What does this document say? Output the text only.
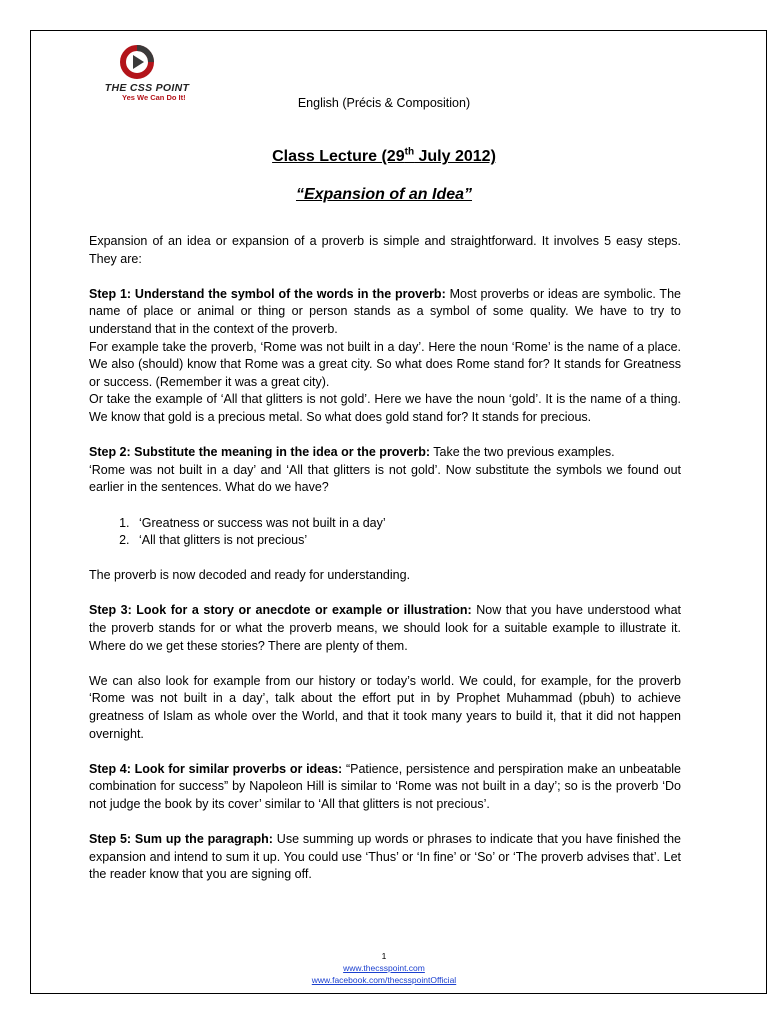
THE CSS POINT
Yes We Can Do It!	English (Précis & Composition)
Class Lecture (29th July 2012)
“Expansion of an Idea”

Expansion of an idea or expansion of a proverb is simple and straightforward. It involves 5 easy steps. They are:

Step 1: Understand the symbol of the words in the proverb: Most proverbs or ideas are symbolic. The name of place or animal or thing or person stands as a symbol of some quality. We have to try to understand that in the context of the proverb.

For example take the proverb, ‘Rome was not built in a day’. Here the noun ‘Rome’ is the name of a place. We also (should) know that Rome was a great city. So what does Rome stand for? It stands for Greatness or success. (Remember it was a great city).

Or take the example of ‘All that glitters is not gold’. Here we have the noun ‘gold’. It is the name of a thing. We know that gold is a precious metal. So what does gold stand for? It stands for precious.

Step 2: Substitute the meaning in the idea or the proverb: Take the two previous examples.

‘Rome was not built in a day’ and ‘All that glitters is not gold’. Now substitute the symbols we found out earlier in the sentences. What do we have?

1. ‘Greatness or success was not built in a day’
2. ‘All that glitters is not precious’

The proverb is now decoded and ready for understanding.

Step 3: Look for a story or anecdote or example or illustration: Now that you have understood what the proverb stands for or what the proverb means, we should look for a suitable example to illustrate it. Where do we get these stories? There are plenty of them.

We can also look for example from our history or today’s world. We could, for example, for the proverb ‘Rome was not built in a day’, talk about the effort put in by Prophet Muhammad (pbuh) to achieve greatness of Islam as whole over the World, and that it took many years to build it, that it did not happen overnight.

Step 4: Look for similar proverbs or ideas: “Patience, persistence and perspiration make an unbeatable combination for success” by Napoleon Hill is similar to ‘Rome was not built in a day’; so is the proverb ‘Do not judge the book by its cover’ similar to ‘All that glitters is not precious’.

Step 5: Sum up the paragraph: Use summing up words or phrases to indicate that you have finished the expansion and intend to sum it up. You could use ‘Thus’ or ‘In fine’ or ‘So’ or ‘The proverb advises that’. Let the reader know that you are signing off.

1
www.thecsspoint.com
www.facebook.com/thecsspointOfficial
